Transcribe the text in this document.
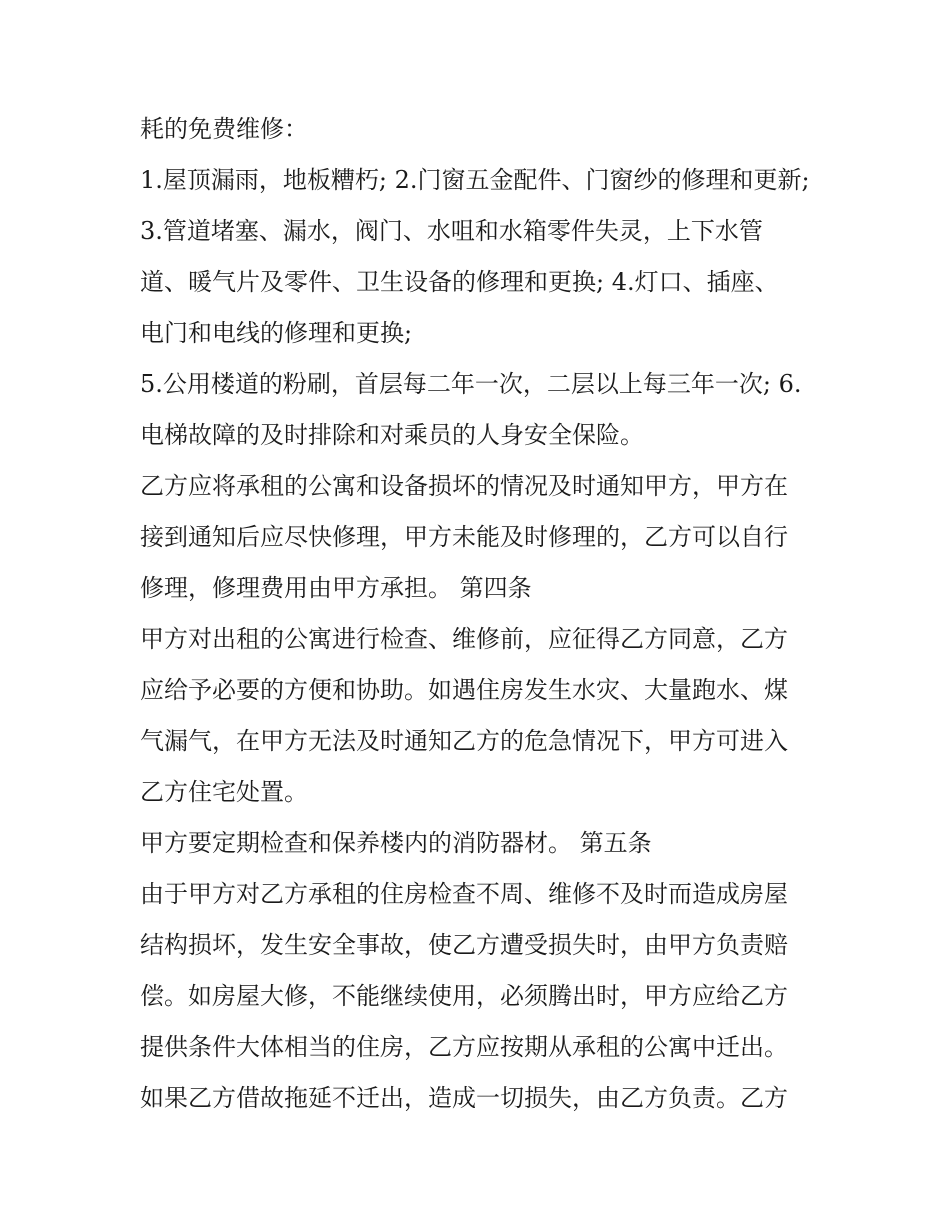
耗的免费维修：
1.屋顶漏雨，地板糟朽; 2.门窗五金配件、门窗纱的修理和更新;
3.管道堵塞、漏水，阀门、水咀和水箱零件失灵，上下水管
道、暖气片及零件、卫生设备的修理和更换; 4.灯口、插座、
电门和电线的修理和更换;
5.公用楼道的粉刷，首层每二年一次，二层以上每三年一次; 6.
电梯故障的及时排除和对乘员的人身安全保险。
乙方应将承租的公寓和设备损坏的情况及时通知甲方，甲方在
接到通知后应尽快修理，甲方未能及时修理的，乙方可以自行
修理，修理费用由甲方承担。 第四条
甲方对出租的公寓进行检查、维修前，应征得乙方同意，乙方
应给予必要的方便和协助。如遇住房发生水灾、大量跑水、煤
气漏气，在甲方无法及时通知乙方的危急情况下，甲方可进入
乙方住宅处置。
甲方要定期检查和保养楼内的消防器材。 第五条
由于甲方对乙方承租的住房检查不周、维修不及时而造成房屋
结构损坏，发生安全事故，使乙方遭受损失时，由甲方负责赔
偿。如房屋大修，不能继续使用，必须腾出时，甲方应给乙方
提供条件大体相当的住房，乙方应按期从承租的公寓中迁出。
如果乙方借故拖延不迁出，造成一切损失，由乙方负责。乙方
